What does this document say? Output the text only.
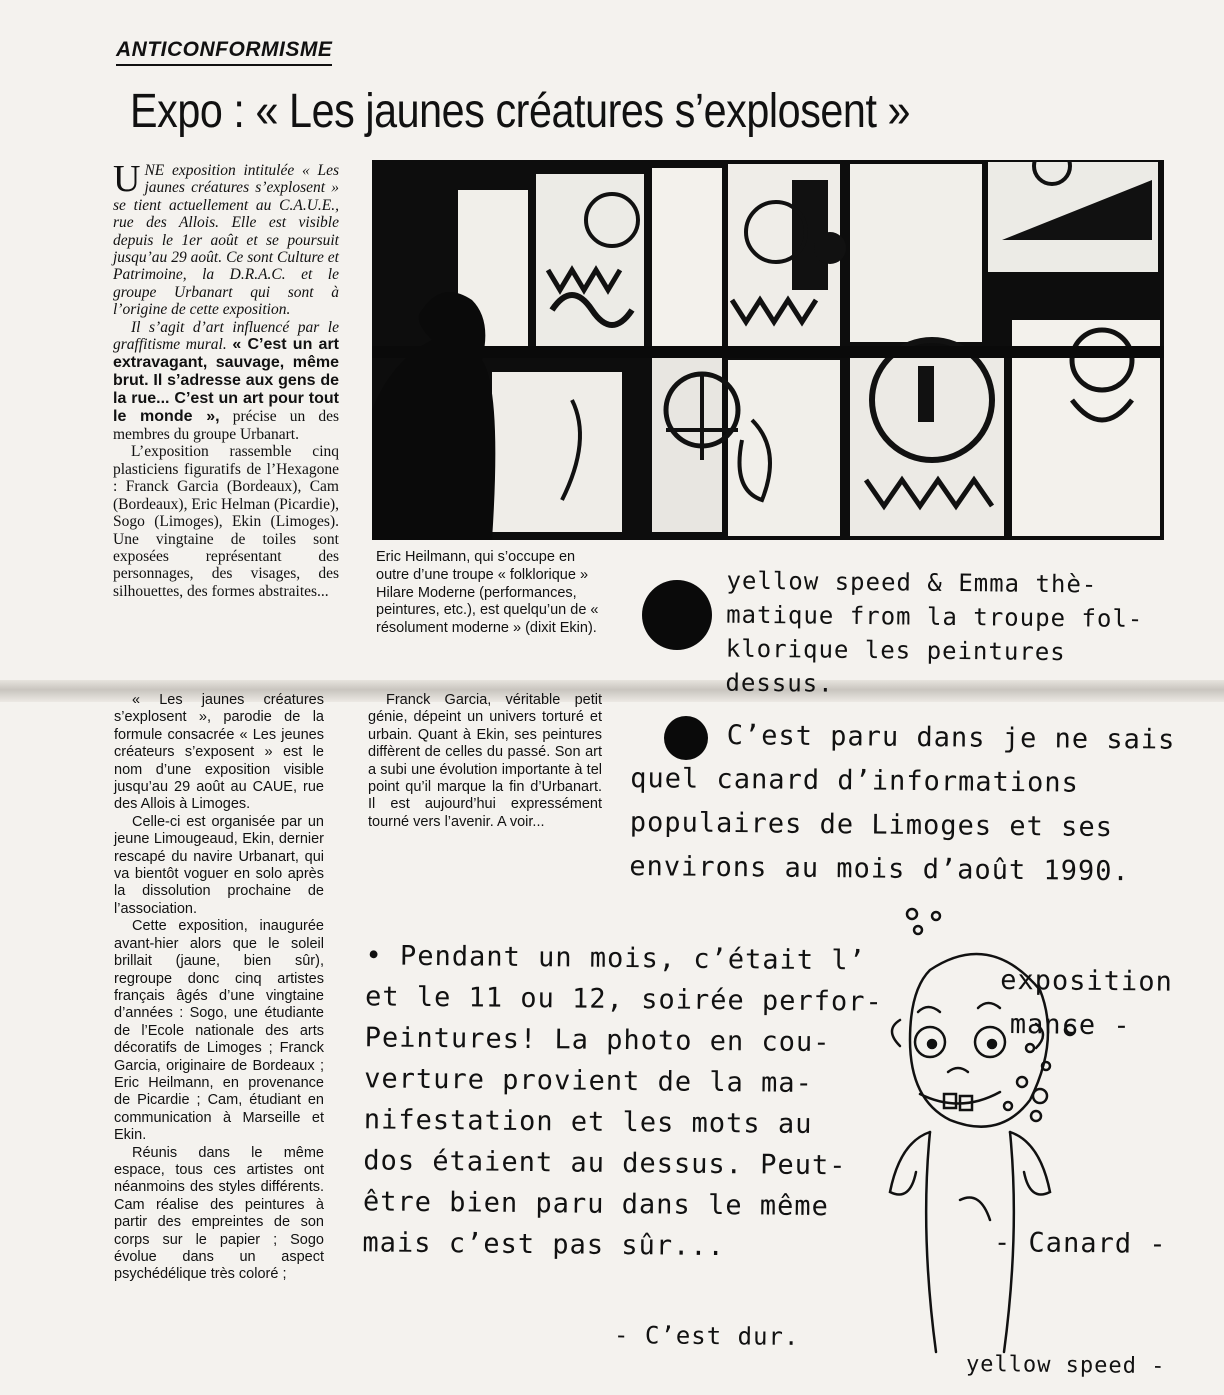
ANTICONFORMISME
Expo : « Les jaunes créatures s’explosent »

UNE exposition intitulée « Les jaunes créatures s’explosent » se tient actuellement au C.A.U.E., rue des Allois. Elle est visible depuis le 1er août et se poursuit jusqu’au 29 août. Ce sont Culture et Patrimoine, la D.R.A.C. et le groupe Urbanart qui sont à l’origine de cette exposition.

Il s’agit d’art influencé par le graffitisme mural. « C’est un art extravagant, sauvage, même brut. Il s’adresse aux gens de la rue... C’est un art pour tout le monde », précise un des membres du groupe Urbanart.

L’exposition rassemble cinq plasticiens figuratifs de l’Hexagone : Franck Garcia (Bordeaux), Cam (Bordeaux), Eric Helman (Picardie), Sogo (Limoges), Ekin (Limoges). Une vingtaine de toiles sont exposées représentant des personnages, des visages, des silhouettes, des formes abstraites...

Eric Heilmann, qui s’occupe en outre d’une troupe « folklorique » Hilare Moderne (performances, peintures, etc.), est quelqu’un de « résolument moderne » (dixit Ekin).

« Les jaunes créatures s’explosent », parodie de la formule consacrée « Les jeunes créateurs s’exposent » est le nom d’une exposition visible jusqu’au 29 août au CAUE, rue des Allois à Limoges.

Celle-ci est organisée par un jeune Limougeaud, Ekin, dernier rescapé du navire Urbanart, qui va bientôt voguer en solo après la dissolution prochaine de l’association.

Cette exposition, inaugurée avant-hier alors que le soleil brillait (jaune, bien sûr), regroupe donc cinq artistes français âgés d’une vingtaine d’années : Sogo, une étudiante de l’Ecole nationale des arts décoratifs de Limoges ; Franck Garcia, originaire de Bordeaux ; Eric Heilmann, en provenance de Picardie ; Cam, étudiant en communication à Marseille et Ekin.

Réunis dans le même espace, tous ces artistes ont néanmoins des styles différents. Cam réalise des peintures à partir des empreintes de son corps sur le papier ; Sogo évolue dans un aspect psychédélique très coloré ;

Franck Garcia, véritable petit génie, dépeint un univers torturé et urbain. Quant à Ekin, ses peintures diffèrent de celles du passé. Son art a subi une évolution importante à tel point qu’il marque la fin d’Urbanart. Il est aujourd’hui expressément tourné vers l’avenir. A voir...

yellow speed & Emma thè-
matique from la troupe fol-
klorique les peintures dessus.
C’est paru dans je ne sais
quel canard d’informations
populaires de Limoges et ses
environs au mois d’août 1990.
• Pendant un mois, c’était l’
et le 11 ou 12, soirée perfor-
Peintures! La photo en cou-
verture provient de la ma-
nifestation et les mots au
dos étaient au dessus. Peut-
être bien paru dans le même
mais c’est pas sûr...
exposition
mance -
- Canard -
- C’est dur.
yellow speed -
